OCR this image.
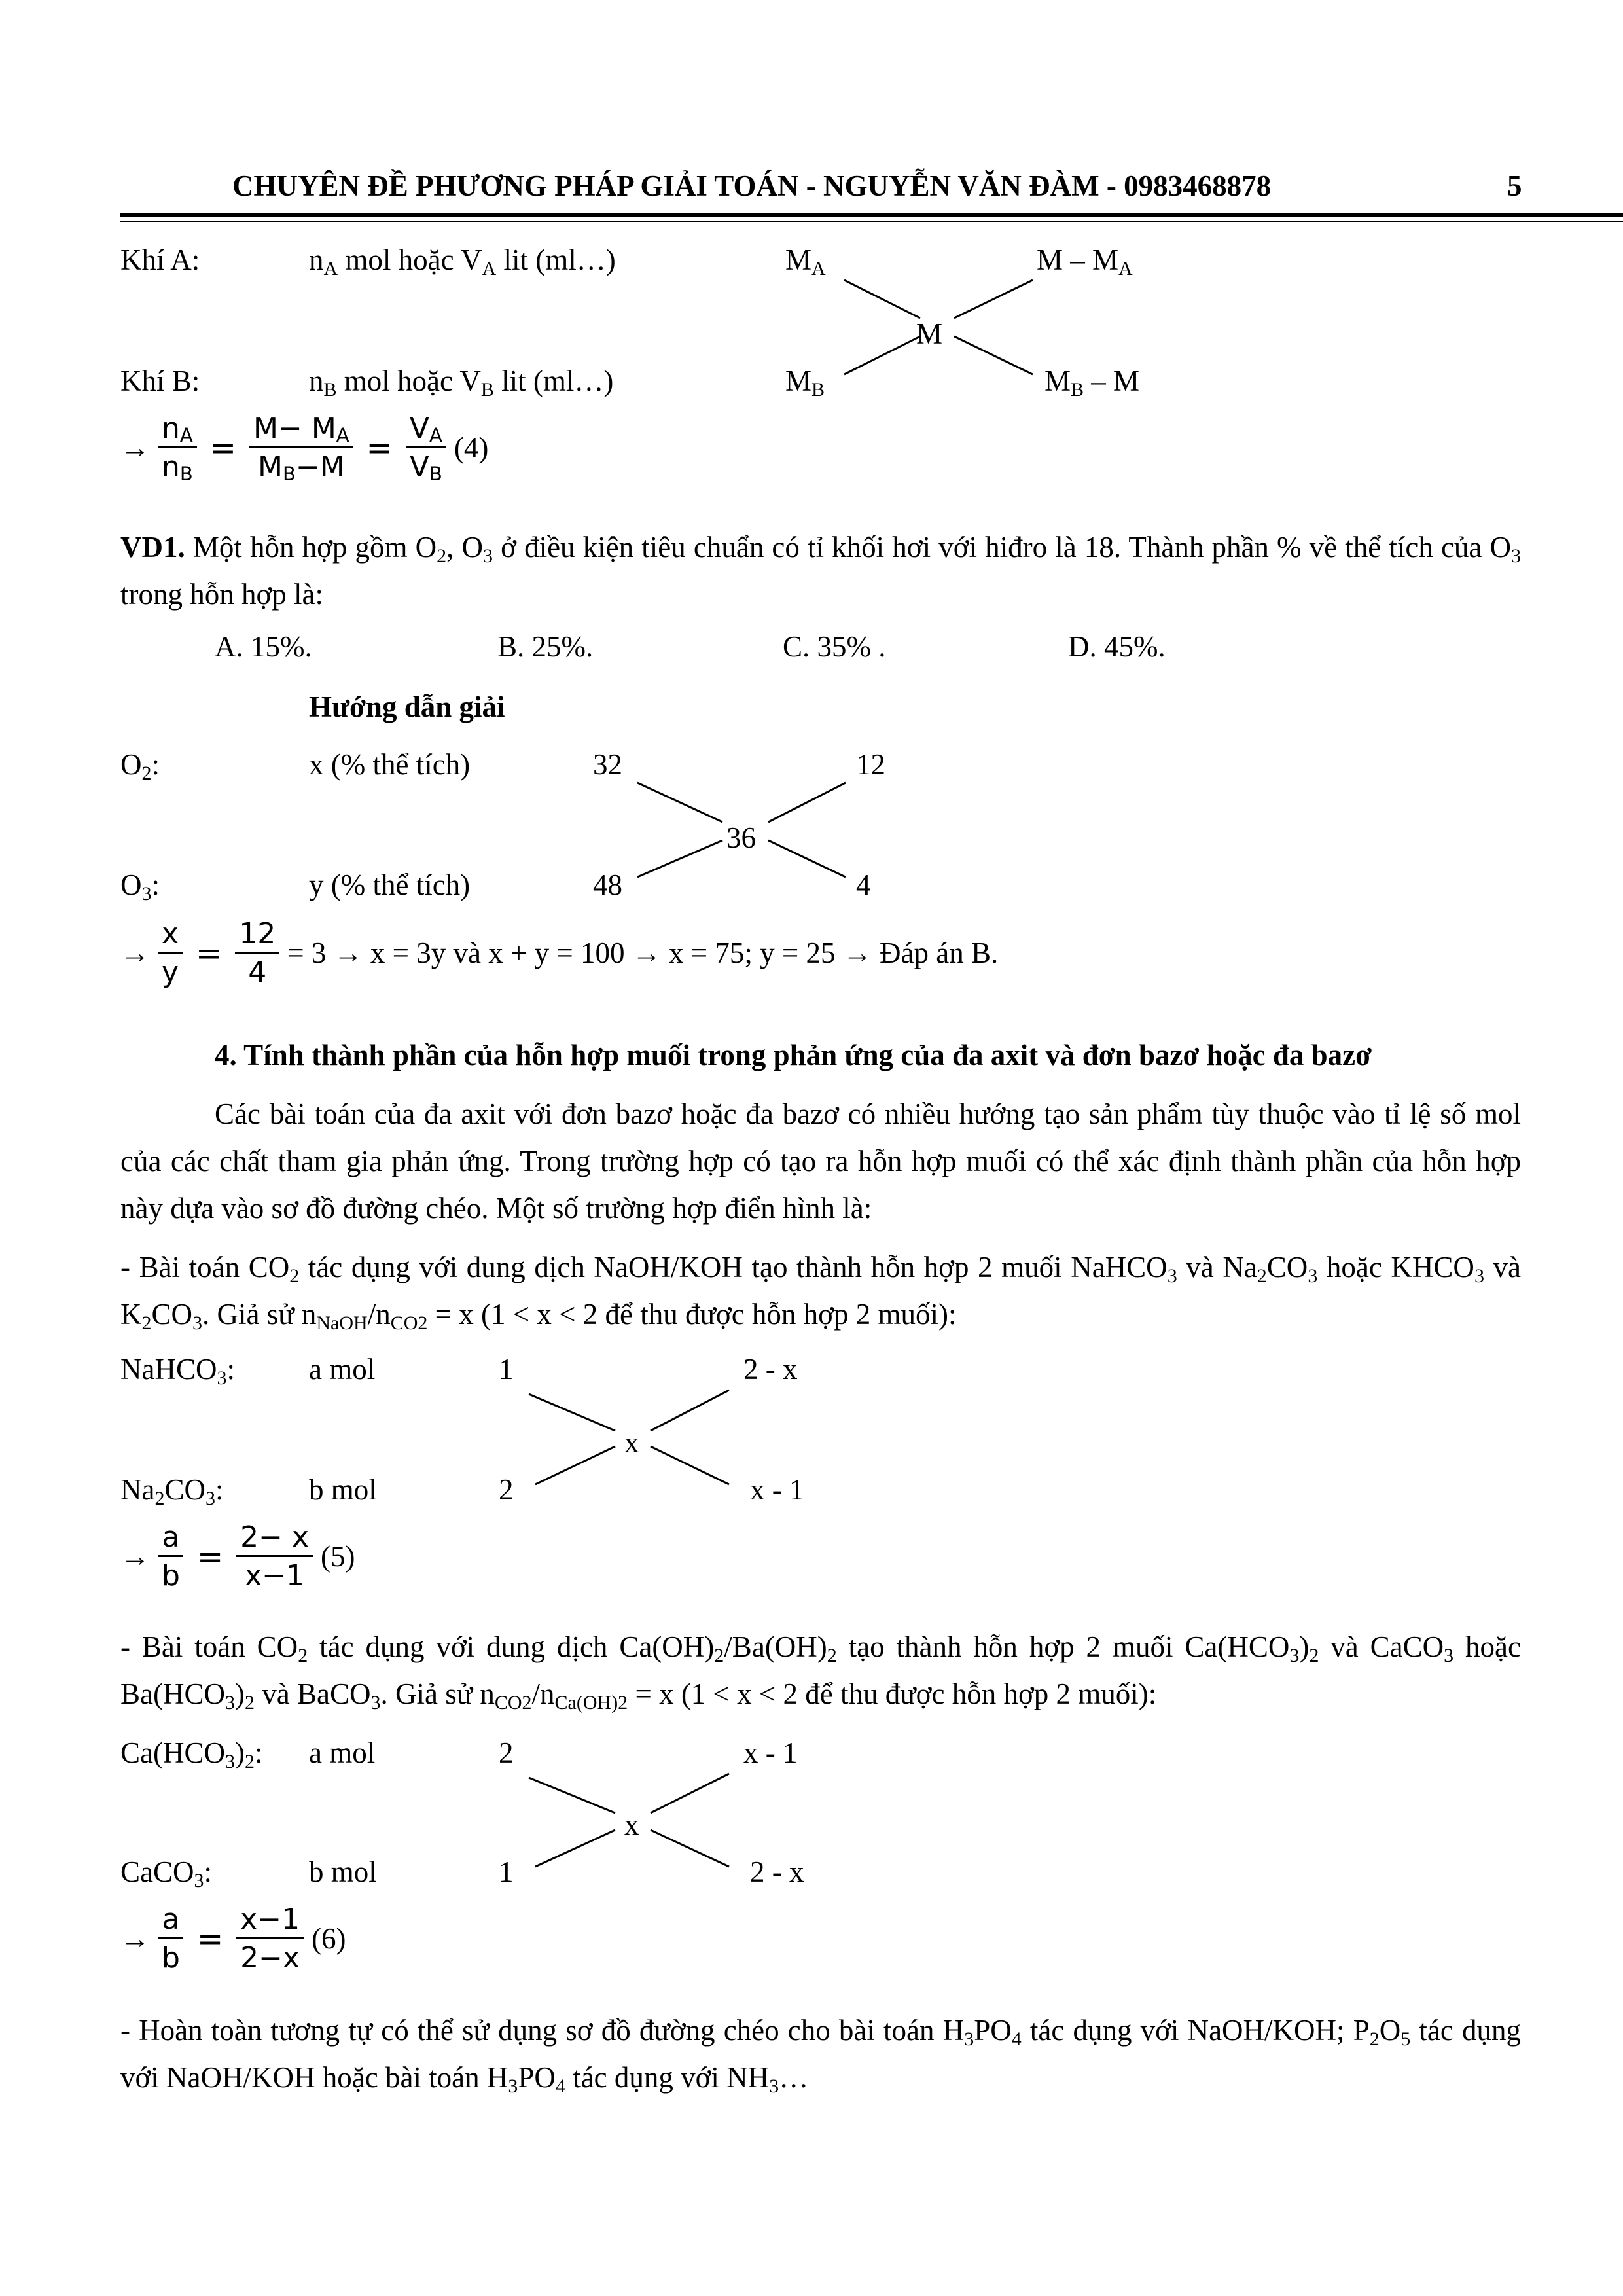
CHUYÊN ĐỀ PHƯƠNG PHÁP GIẢI TOÁN - NGUYỄN VĂN ĐÀM - 0983468878	5
Khí A:	$n_A$ mol hoặc $V_A$ lit (ml…)	$M_A$	M – $M_A$
M
Khí B:	$n_B$ mol hoặc $V_B$ lit (ml…)	$M_B$	$M_B$ – M
→ $\frac{n_A}{n_B} = \frac{M- M_A}{M_B-M} = \frac{V_A}{V_B} (4)$
VD1. Một hỗn hợp gồm $O_2$, $O_3$ ở điều kiện tiêu chuẩn có tỉ khối hơi với hiđro là 18. Thành phần % về thể tích của $O_3$ trong hỗn hợp là:
A. 15%.	B. 25%.	C. 35% .	D. 45%.
Hướng dẫn giải
$O_2$:	x (% thể tích)	32	12
36
$O_3$:	y (% thể tích)	48	4
→ $\frac{x}{y} = \frac{12}{4} = 3 \to x = 3y$ và x + y = 100 → x = 75; y = 25 → Đáp án B.
4. Tính thành phần của hỗn hợp muối trong phản ứng của đa axit và đơn bazơ hoặc đa bazơ
Các bài toán của đa axit với đơn bazơ hoặc đa bazơ có nhiều hướng tạo sản phẩm tùy thuộc vào tỉ lệ số mol của các chất tham gia phản ứng. Trong trường hợp có tạo ra hỗn hợp muối có thể xác định thành phần của hỗn hợp này dựa vào sơ đồ đường chéo. Một số trường hợp điển hình là:
- Bài toán $CO_2$ tác dụng với dung dịch NaOH/KOH tạo thành hỗn hợp 2 muối NaHCO$_3$ và $Na_2CO_3$ hoặc $KHCO_3$ và $K_2CO_3$. Giả sử $n_{NaOH}/n_{CO2} = x$ (1 < x < 2 để thu được hỗn hợp 2 muối):
NaHCO$_3$:	a mol	1	2 - x
x
$Na_2CO_3$:	b mol	2	x - 1
→ $\frac{a}{b} = \frac{2- x}{x-1} (5)$
- Bài toán $CO_2$ tác dụng với dung dịch $Ca(OH)_2/Ba(OH)_2$ tạo thành hỗn hợp 2 muối $Ca(HCO_3)_2$ và CaCO$_3$ hoặc $Ba(HCO_3)_2$ và BaCO$_3$. Giả sử $n_{CO2}/n_{Ca(OH)2} = x$ (1 < x < 2 để thu được hỗn hợp 2 muối):
$Ca(HCO_3)_2$: a mol	2	x - 1
x
CaCO$_3$:	b mol	1	2 - x
→ $\frac{a}{b} = \frac{x-1}{2-x} (6)$
- Hoàn toàn tương tự có thể sử dụng sơ đồ đường chéo cho bài toán $H_3PO_4$ tác dụng với NaOH/KOH; $P_2O_5$ tác dụng với NaOH/KOH hoặc bài toán $H_3PO_4$ tác dụng với $NH_3\dots$
